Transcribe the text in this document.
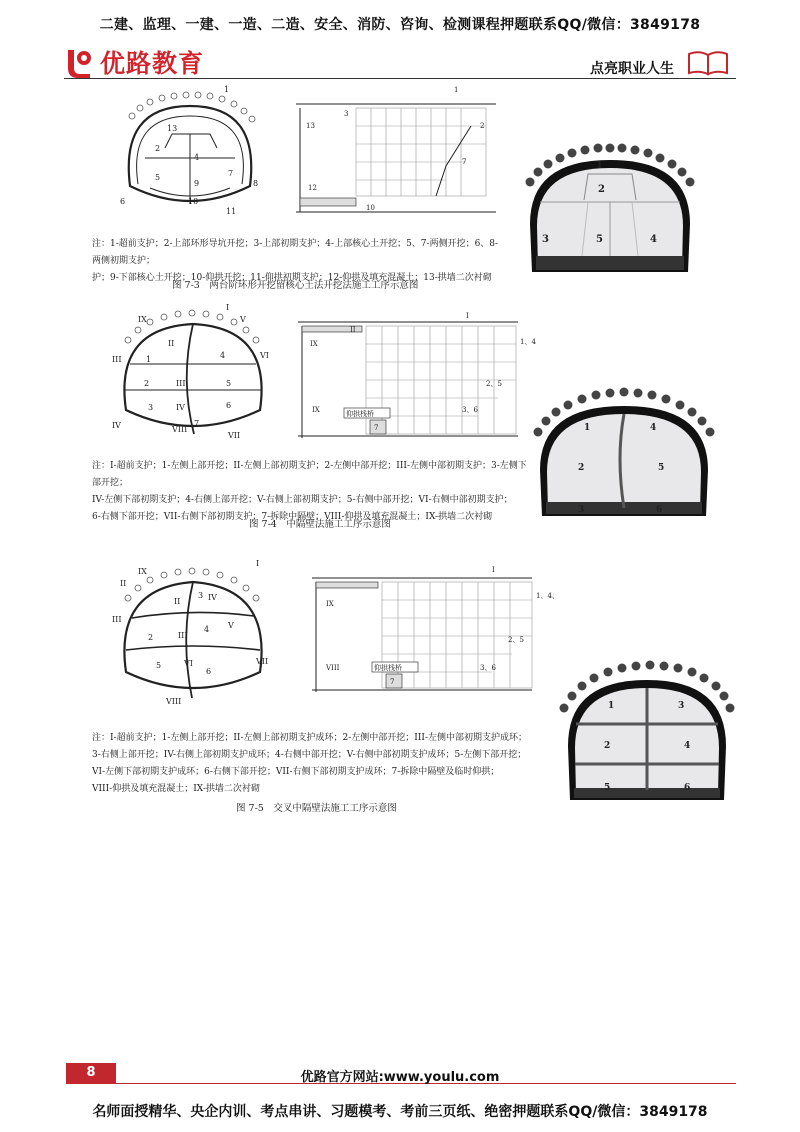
二建、监理、一建、一造、二造、安全、消防、咨询、检测课程押题联系QQ/微信：3849178
优路教育	点亮职业人生
13
2
4
5
9
7
10
6
8
11
1
13
12
10
1
3
2
7
注：1-超前支护；2-上部环形导坑开挖；3-上部初期支护；4-上部核心土开挖；5、7-两侧开挖；6、8-两侧初期支护；
护；9-下部核心土开挖；10-仰拱开挖；11-仰拱初期支护；12-仰拱及填充混凝土；13-拱墙二次衬砌
图 7-3　两台阶环形开挖留核心土法开挖法施工工序示意图
1
2
3	5	4
IX
II
1
2
3
III
IV
4
5
6
III
IV	VIII
7
VII
VI
V
I
IX
IX
II
I
7
仰拱栈桥
1、4
2、5
3、6
注：I-超前支护；1-左侧上部开挖；II-左侧上部初期支护；2-左侧中部开挖；III-左侧中部初期支护；3-左侧下部开挖；
IV-左侧下部初期支护；4-右侧上部开挖；V-右侧上部初期支护；5-右侧中部开挖；VI-右侧中部初期支护；
6-右侧下部开挖；VII-右侧下部初期支护；7-拆除中隔壁；VIII-仰拱及填充混凝土；IX-拱墙二次衬砌
图 7-4　中隔壁法施工工序示意图
1	4
2	5
3	6
IX
II
II
3 IV
2	III
4 V
5	VI
6
VII
III
VIII
I
IX
VIII
I
7
仰拱栈桥
1、4、
2、5
3、6
注：I-超前支护；1-左侧上部开挖；II-左侧上部初期支护成环；2-左侧中部开挖；III-左侧中部初期支护成环；
3-右侧上部开挖；IV-右侧上部初期支护成环；4-右侧中部开挖；V-右侧中部初期支护成环；5-左侧下部开挖；
VI-左侧下部初期支护成环；6-右侧下部开挖；VII-右侧下部初期支护成环；7-拆除中隔壁及临时仰拱；
VIII-仰拱及填充混凝土；IX-拱墙二次衬砌
图 7-5　交叉中隔壁法施工工序示意图
1	3
2	4
5	6
8	优路官方网站:www.youlu.com
名师面授精华、央企内训、考点串讲、习题模考、考前三页纸、绝密押题联系QQ/微信：3849178
